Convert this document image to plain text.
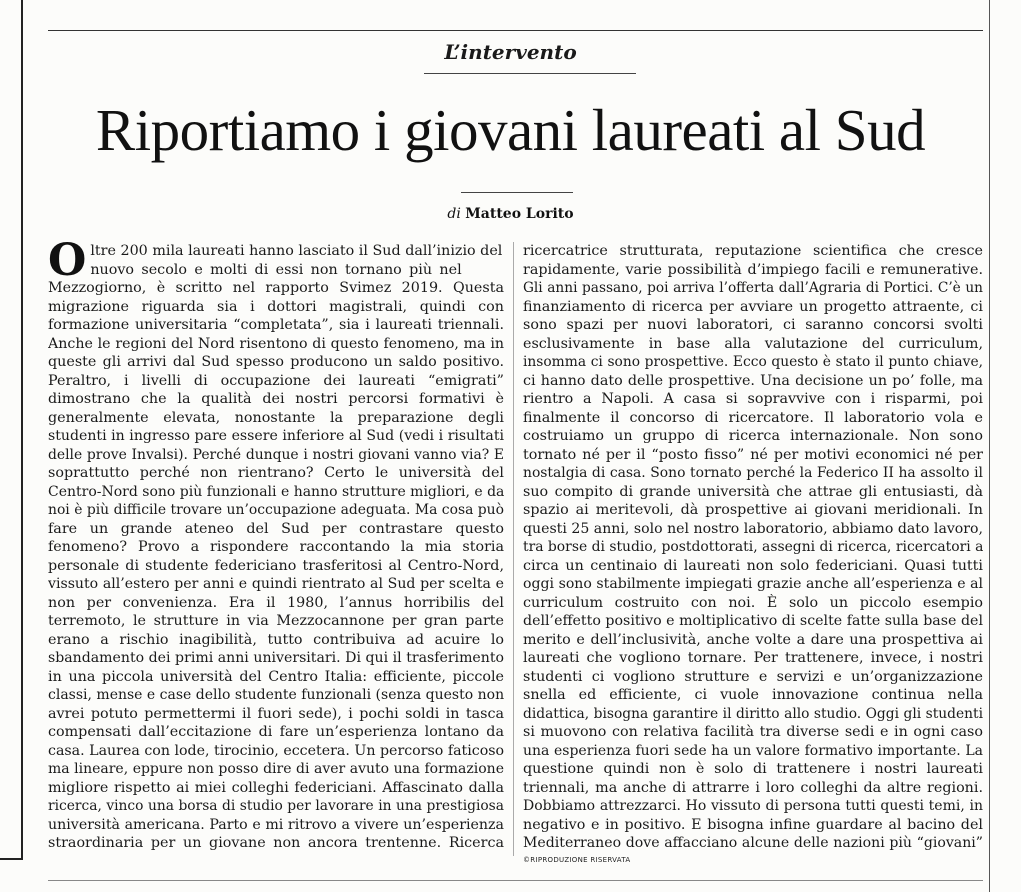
L’intervento
Riportiamo i giovani laureati al Sud
di Matteo Lorito
O ltre 200 mila laureati hanno lasciato il Sud dall’inizio del
nuovo secolo e molti di essi non tornano più nel
Mezzogiorno, è scritto nel rapporto Svimez 2019. Questa
migrazione riguarda sia i dottori magistrali, quindi con
formazione universitaria “completata”, sia i laureati triennali.
Anche le regioni del Nord risentono di questo fenomeno, ma in
queste gli arrivi dal Sud spesso producono un saldo positivo.
Peraltro, i livelli di occupazione dei laureati “emigrati”
dimostrano che la qualità dei nostri percorsi formativi è
generalmente elevata, nonostante la preparazione degli
studenti in ingresso pare essere inferiore al Sud (vedi i risultati
delle prove Invalsi). Perché dunque i nostri giovani vanno via? E
soprattutto perché non rientrano? Certo le università del
Centro-Nord sono più funzionali e hanno strutture migliori, e da
noi è più difficile trovare un’occupazione adeguata. Ma cosa può
fare un grande ateneo del Sud per contrastare questo
fenomeno? Provo a rispondere raccontando la mia storia
personale di studente federiciano trasferitosi al Centro-Nord,
vissuto all’estero per anni e quindi rientrato al Sud per scelta e
non per convenienza. Era il 1980, l’annus horribilis del
terremoto, le strutture in via Mezzocannone per gran parte
erano a rischio inagibilità, tutto contribuiva ad acuire lo
sbandamento dei primi anni universitari. Di qui il trasferimento
in una piccola università del Centro Italia: efficiente, piccole
classi, mense e case dello studente funzionali (senza questo non
avrei potuto permettermi il fuori sede), i pochi soldi in tasca
compensati dall’eccitazione di fare un’esperienza lontano da
casa. Laurea con lode, tirocinio, eccetera. Un percorso faticoso
ma lineare, eppure non posso dire di aver avuto una formazione
migliore rispetto ai miei colleghi federiciani. Affascinato dalla
ricerca, vinco una borsa di studio per lavorare in una prestigiosa
università americana. Parto e mi ritrovo a vivere un’esperienza
straordinaria per un giovane non ancora trentenne. Ricerca
ricercatrice strutturata, reputazione scientifica che cresce
rapidamente, varie possibilità d’impiego facili e remunerative.
Gli anni passano, poi arriva l’offerta dall’Agraria di Portici. C’è un
finanziamento di ricerca per avviare un progetto attraente, ci
sono spazi per nuovi laboratori, ci saranno concorsi svolti
esclusivamente in base alla valutazione del curriculum,
insomma ci sono prospettive. Ecco questo è stato il punto chiave,
ci hanno dato delle prospettive. Una decisione un po’ folle, ma
rientro a Napoli. A casa si sopravvive con i risparmi, poi
finalmente il concorso di ricercatore. Il laboratorio vola e
costruiamo un gruppo di ricerca internazionale. Non sono
tornato né per il “posto fisso” né per motivi economici né per
nostalgia di casa. Sono tornato perché la Federico II ha assolto il
suo compito di grande università che attrae gli entusiasti, dà
spazio ai meritevoli, dà prospettive ai giovani meridionali. In
questi 25 anni, solo nel nostro laboratorio, abbiamo dato lavoro,
tra borse di studio, postdottorati, assegni di ricerca, ricercatori a
circa un centinaio di laureati non solo federiciani. Quasi tutti
oggi sono stabilmente impiegati grazie anche all’esperienza e al
curriculum costruito con noi. È solo un piccolo esempio
dell’effetto positivo e moltiplicativo di scelte fatte sulla base del
merito e dell’inclusività, anche volte a dare una prospettiva ai
laureati che vogliono tornare. Per trattenere, invece, i nostri
studenti ci vogliono strutture e servizi e un’organizzazione
snella ed efficiente, ci vuole innovazione continua nella
didattica, bisogna garantire il diritto allo studio. Oggi gli studenti
si muovono con relativa facilità tra diverse sedi e in ogni caso
una esperienza fuori sede ha un valore formativo importante. La
questione quindi non è solo di trattenere i nostri laureati
triennali, ma anche di attrarre i loro colleghi da altre regioni.
Dobbiamo attrezzarci. Ho vissuto di persona tutti questi temi, in
negativo e in positivo. E bisogna infine guardare al bacino del
Mediterraneo dove affacciano alcune delle nazioni più “giovani”
©RIPRODUZIONE RISERVATA
